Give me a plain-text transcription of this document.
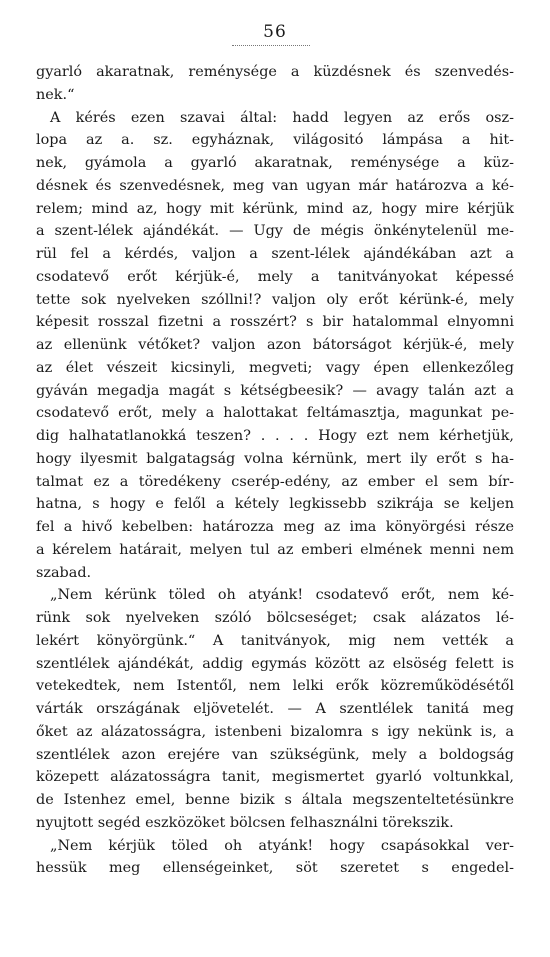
56
gyarló akaratnak, reménysége a küzdésnek és szenvedés-
nek.“
A kérés ezen szavai által: hadd legyen az erős osz-
lopa az a. sz. egyháznak, világositó lámpása a hit-
nek, gyámola a gyarló akaratnak, reménysége a küz-
désnek és szenvedésnek, meg van ugyan már határozva a ké-
relem; mind az, hogy mit kérünk, mind az, hogy mire kérjük
a szent-lélek ajándékát. — Ugy de mégis önkénytelenül me-
rül fel a kérdés, valjon a szent-lélek ajándékában azt a
csodatevő erőt kérjük-é, mely a tanitványokat képessé
tette sok nyelveken szóllni!? valjon oly erőt kérünk-é, mely
képesit rosszal fizetni a rosszért? s bir hatalommal elnyomni
az ellenünk vétőket? valjon azon bátorságot kérjük-é, mely
az élet vészeit kicsinyli, megveti; vagy épen ellenkezőleg
gyáván megadja magát s kétségbeesik? — avagy talán azt a
csodatevő erőt, mely a halottakat feltámasztja, magunkat pe-
dig halhatatlanokká teszen? . . . . Hogy ezt nem kérhetjük,
hogy ilyesmit balgatagság volna kérnünk, mert ily erőt s ha-
talmat ez a töredékeny cserép-edény, az ember el sem bír-
hatna, s hogy e felől a kétely legkissebb szikrája se keljen
fel a hivő kebelben: határozza meg az ima könyörgési része
a kérelem határait, melyen tul az emberi elmének menni nem
szabad.
„Nem kérünk töled oh atyánk! csodatevő erőt, nem ké-
rünk sok nyelveken szóló bölcseséget; csak alázatos lé-
lekért könyörgünk.“ A tanitványok, mig nem vették a
szentlélek ajándékát, addig egymás között az elsöség felett is
vetekedtek, nem Istentől, nem lelki erők közreműködésétől
várták országának eljövetelét. — A szentlélek tanitá meg
őket az alázatosságra, istenbeni bizalomra s igy nekünk is, a
szentlélek azon erejére van szükségünk, mely a boldogság
közepett alázatosságra tanit, megismertet gyarló voltunkkal,
de Istenhez emel, benne bizik s általa megszenteltetésünkre
nyujtott segéd eszközöket bölcsen felhasználni törekszik.
„Nem kérjük töled oh atyánk! hogy csapásokkal ver-
hessük meg ellenségeinket, söt szeretet s engedel-
